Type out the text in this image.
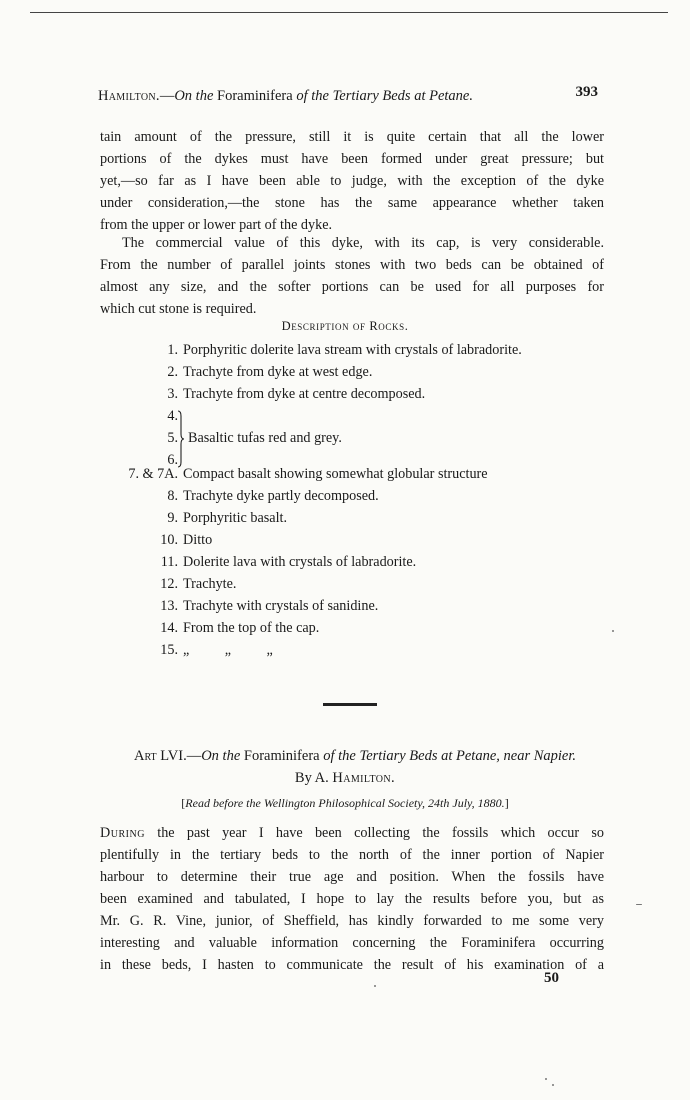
Hamilton.—On the Foraminifera of the Tertiary Beds at Petane.	393
tain amount of the pressure, still it is quite certain that all the lower
portions of the dykes must have been formed under great pressure; but
yet,—so far as I have been able to judge, with the exception of the dyke
under consideration,—the stone has the same appearance whether taken
from the upper or lower part of the dyke.
The commercial value of this dyke, with its cap, is very considerable.
From the number of parallel joints stones with two beds can be obtained of
almost any size, and the softer portions can be used for all purposes for
which cut stone is required.
Description of Rocks.
1. Porphyritic dolerite lava stream with crystals of labradorite.
2. Trachyte from dyke at west edge.
3. Trachyte from dyke at centre decomposed.
4.
5.
6.
Basaltic tufas red and grey.
7. & 7A. Compact basalt showing somewhat globular structure
8. Trachyte dyke partly decomposed.
9. Porphyritic basalt.
10. Ditto
11. Dolerite lava with crystals of labradorite.
12. Trachyte.
13. Trachyte with crystals of sanidine.
14. From the top of the cap.
15. „          „          „
Art LVI.—On the Foraminifera of the Tertiary Beds at Petane, near Napier.
By A. Hamilton.
[Read before the Wellington Philosophical Society, 24th July, 1880.]
During the past year I have been collecting the fossils which occur so
plentifully in the tertiary beds to the north of the inner portion of Napier
harbour to determine their true age and position. When the fossils have
been examined and tabulated, I hope to lay the results before you, but as
Mr. G. R. Vine, junior, of Sheffield, has kindly forwarded to me some very
interesting and valuable information concerning the Foraminifera occurring
in these beds, I hasten to communicate the result of his examination of a
50
